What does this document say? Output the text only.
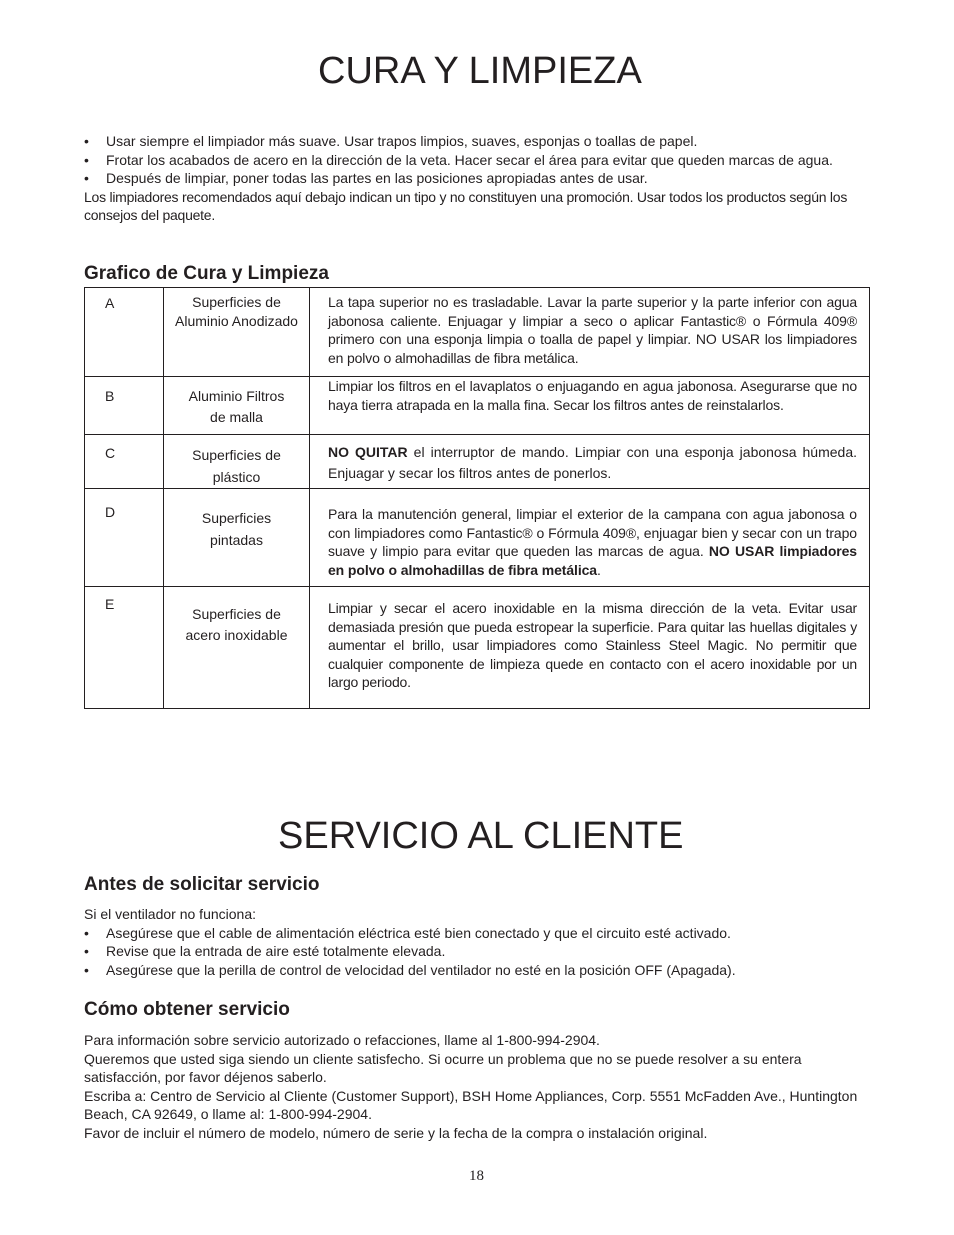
CURA Y LIMPIEZA
• Usar siempre el limpiador más suave. Usar trapos limpios, suaves, esponjas o toallas de papel.
• Frotar los acabados de acero en la dirección de la veta. Hacer secar el área para evitar que queden marcas de agua.
• Después de limpiar, poner todas las partes en las posiciones apropiadas antes de usar.
Los limpiadores recomendados aquí debajo indican un tipo y no constituyen una promoción. Usar todos los productos según los consejos del paquete.
Grafico de Cura y Limpieza
A	Superficies de Aluminio Anodizado	La tapa superior no es trasladable. Lavar la parte superior y la parte inferior con agua jabonosa caliente. Enjuagar y limpiar a seco o aplicar Fantastic® o Fórmula 409® primero con una esponja limpia o toalla de papel y limpiar. NO USAR los limpiadores en polvo o almohadillas de fibra metálica.

B	Aluminio Filtros de malla	Limpiar los filtros en el lavaplatos o enjuagando en agua jabonosa. Asegurarse que no haya tierra atrapada en la malla fina. Secar los filtros antes de reinstalarlos.

C	Superficies de plástico	NO QUITAR el interruptor de mando. Limpiar con una esponja jabonosa húmeda. Enjuagar y secar los filtros antes de ponerlos.

D	Superficies pintadas	Para la manutención general, limpiar el exterior de la campana con agua jabonosa o con limpiadores como Fantastic® o Fórmula 409®, enjuagar bien y secar con un trapo suave y limpio para evitar que queden las marcas de agua. NO USAR limpiadores en polvo o almohadillas de fibra metálica.

E	Superficies de acero inoxidable	Limpiar y secar el acero inoxidable en la misma dirección de la veta. Evitar usar demasiada presión que pueda estropear la superficie. Para quitar las huellas digitales y aumentar el brillo, usar limpiadores como Stainless Steel Magic. No permitir que cualquier componente de limpieza quede en contacto con el acero inoxidable por un largo periodo.
SERVICIO AL CLIENTE
Antes de solicitar servicio
Si el ventilador no funciona:
• Asegúrese que el cable de alimentación eléctrica esté bien conectado y que el circuito esté activado.
• Revise que la entrada de aire esté totalmente elevada.
• Asegúrese que la perilla de control de velocidad del ventilador no esté en la posición OFF (Apagada).
Cómo obtener servicio
Para información sobre servicio autorizado o refacciones, llame al 1-800-994-2904.
Queremos que usted siga siendo un cliente satisfecho. Si ocurre un problema que no se puede resolver a su entera satisfacción, por favor déjenos saberlo.
Escriba a: Centro de Servicio al Cliente (Customer Support), BSH Home Appliances, Corp. 5551 McFadden Ave., Huntington Beach, CA 92649, o llame al: 1-800-994-2904.
Favor de incluir el número de modelo, número de serie y la fecha de la compra o instalación original.
18
